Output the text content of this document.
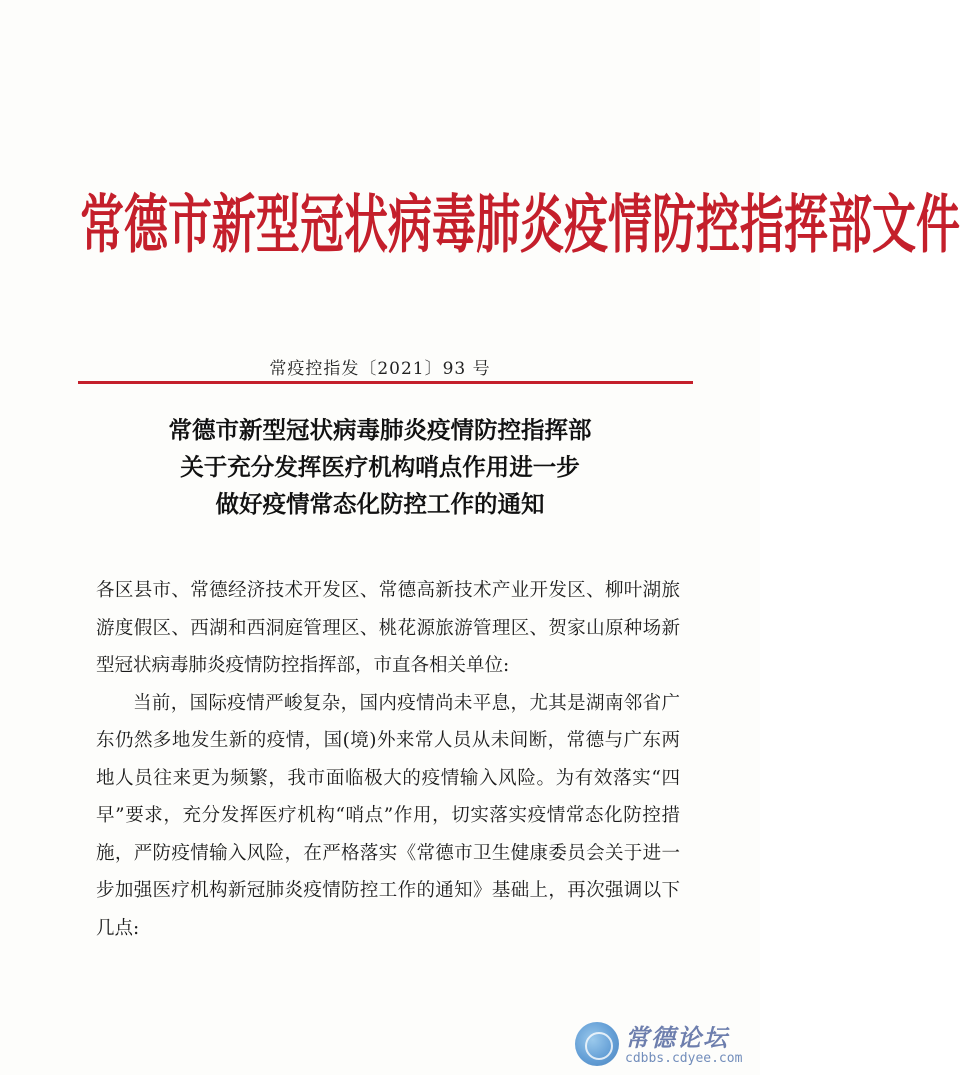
常德市新型冠状病毒肺炎疫情防控指挥部文件
常疫控指发〔2021〕93 号
常德市新型冠状病毒肺炎疫情防控指挥部
关于充分发挥医疗机构哨点作用进一步
做好疫情常态化防控工作的通知

各区县市、常德经济技术开发区、常德高新技术产业开发区、柳叶湖旅游度假区、西湖和西洞庭管理区、桃花源旅游管理区、贺家山原种场新型冠状病毒肺炎疫情防控指挥部，市直各相关单位:

当前，国际疫情严峻复杂，国内疫情尚未平息，尤其是湖南邻省广东仍然多地发生新的疫情，国(境)外来常人员从未间断，常德与广东两地人员往来更为频繁，我市面临极大的疫情输入风险。为有效落实“四早”要求，充分发挥医疗机构“哨点”作用，切实落实疫情常态化防控措施，严防疫情输入风险，在严格落实《常德市卫生健康委员会关于进一步加强医疗机构新冠肺炎疫情防控工作的通知》基础上，再次强调以下几点:

常德论坛
cdbbs.cdyee.com
